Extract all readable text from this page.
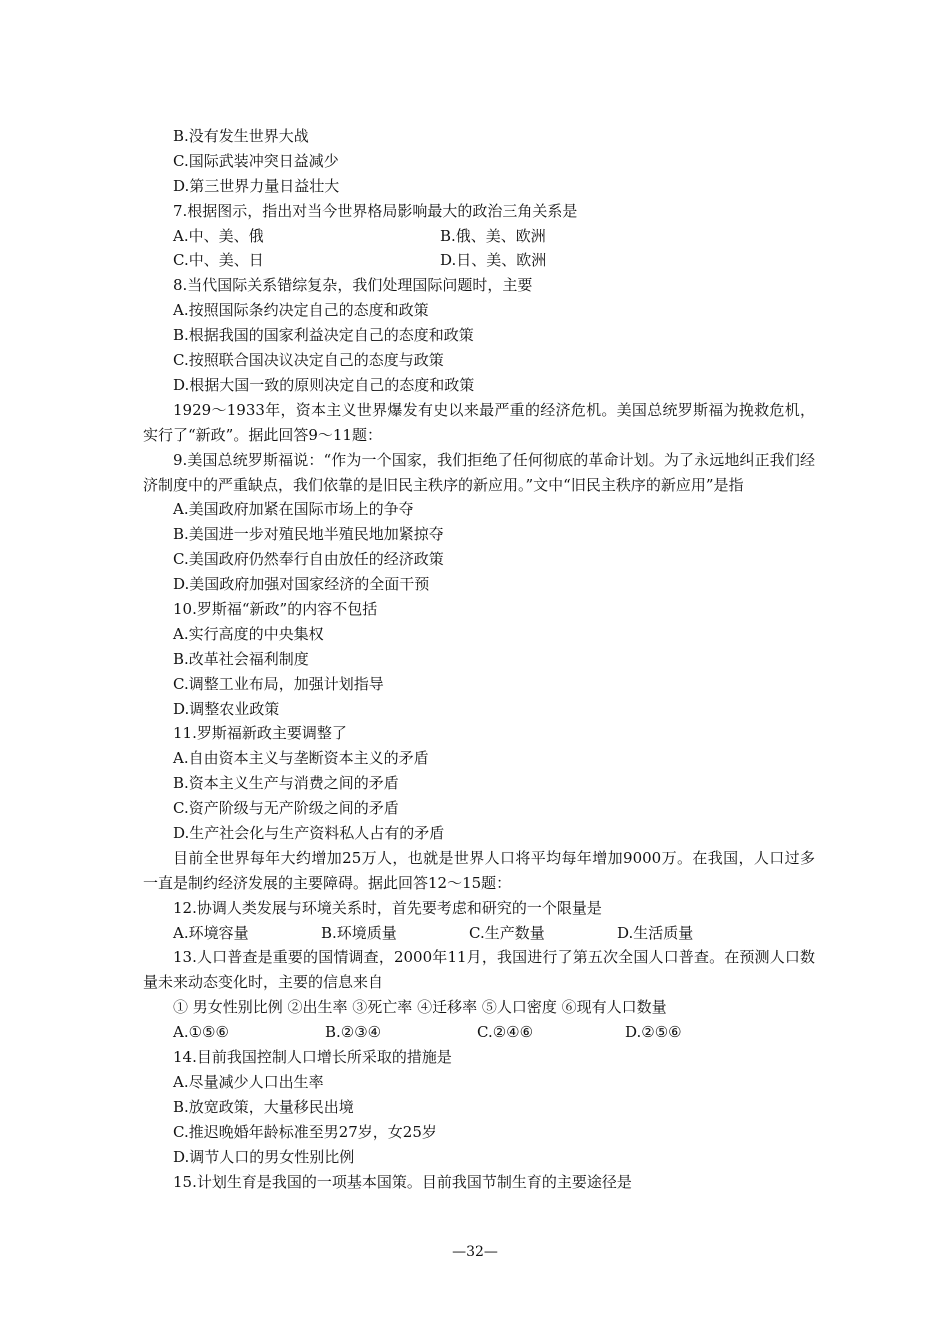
B.没有发生世界大战
C.国际武装冲突日益减少
D.第三世界力量日益壮大
7.根据图示，指出对当今世界格局影响最大的政治三角关系是
A.中、美、俄	B.俄、美、欧洲
C.中、美、日	D.日、美、欧洲
8.当代国际关系错综复杂，我们处理国际问题时，主要
A.按照国际条约决定自己的态度和政策
B.根据我国的国家利益决定自己的态度和政策
C.按照联合国决议决定自己的态度与政策
D.根据大国一致的原则决定自己的态度和政策
1929～1933年，资本主义世界爆发有史以来最严重的经济危机。美国总统罗斯福为挽救危机，实行了“新政”。据此回答9～11题：
9.美国总统罗斯福说：“作为一个国家，我们拒绝了任何彻底的革命计划。为了永远地纠正我们经济制度中的严重缺点，我们依靠的是旧民主秩序的新应用。”文中“旧民主秩序的新应用”是指
A.美国政府加紧在国际市场上的争夺
B.美国进一步对殖民地半殖民地加紧掠夺
C.美国政府仍然奉行自由放任的经济政策
D.美国政府加强对国家经济的全面干预
10.罗斯福“新政”的内容不包括
A.实行高度的中央集权
B.改革社会福利制度
C.调整工业布局，加强计划指导
D.调整农业政策
11.罗斯福新政主要调整了
A.自由资本主义与垄断资本主义的矛盾
B.资本主义生产与消费之间的矛盾
C.资产阶级与无产阶级之间的矛盾
D.生产社会化与生产资料私人占有的矛盾
目前全世界每年大约增加25万人，也就是世界人口将平均每年增加9000万。在我国，人口过多一直是制约经济发展的主要障碍。据此回答12～15题：
12.协调人类发展与环境关系时，首先要考虑和研究的一个限量是
A.环境容量	B.环境质量	C.生产数量	D.生活质量
13.人口普查是重要的国情调查，2000年11月，我国进行了第五次全国人口普查。在预测人口数量未来动态变化时，主要的信息来自
① 男女性别比例 ②出生率 ③死亡率 ④迁移率 ⑤人口密度 ⑥现有人口数量
A.①⑤⑥	B.②③④	C.②④⑥	D.②⑤⑥
14.目前我国控制人口增长所采取的措施是
A.尽量减少人口出生率
B.放宽政策，大量移民出境
C.推迟晚婚年龄标准至男27岁，女25岁
D.调节人口的男女性别比例
15.计划生育是我国的一项基本国策。目前我国节制生育的主要途径是
—32—
